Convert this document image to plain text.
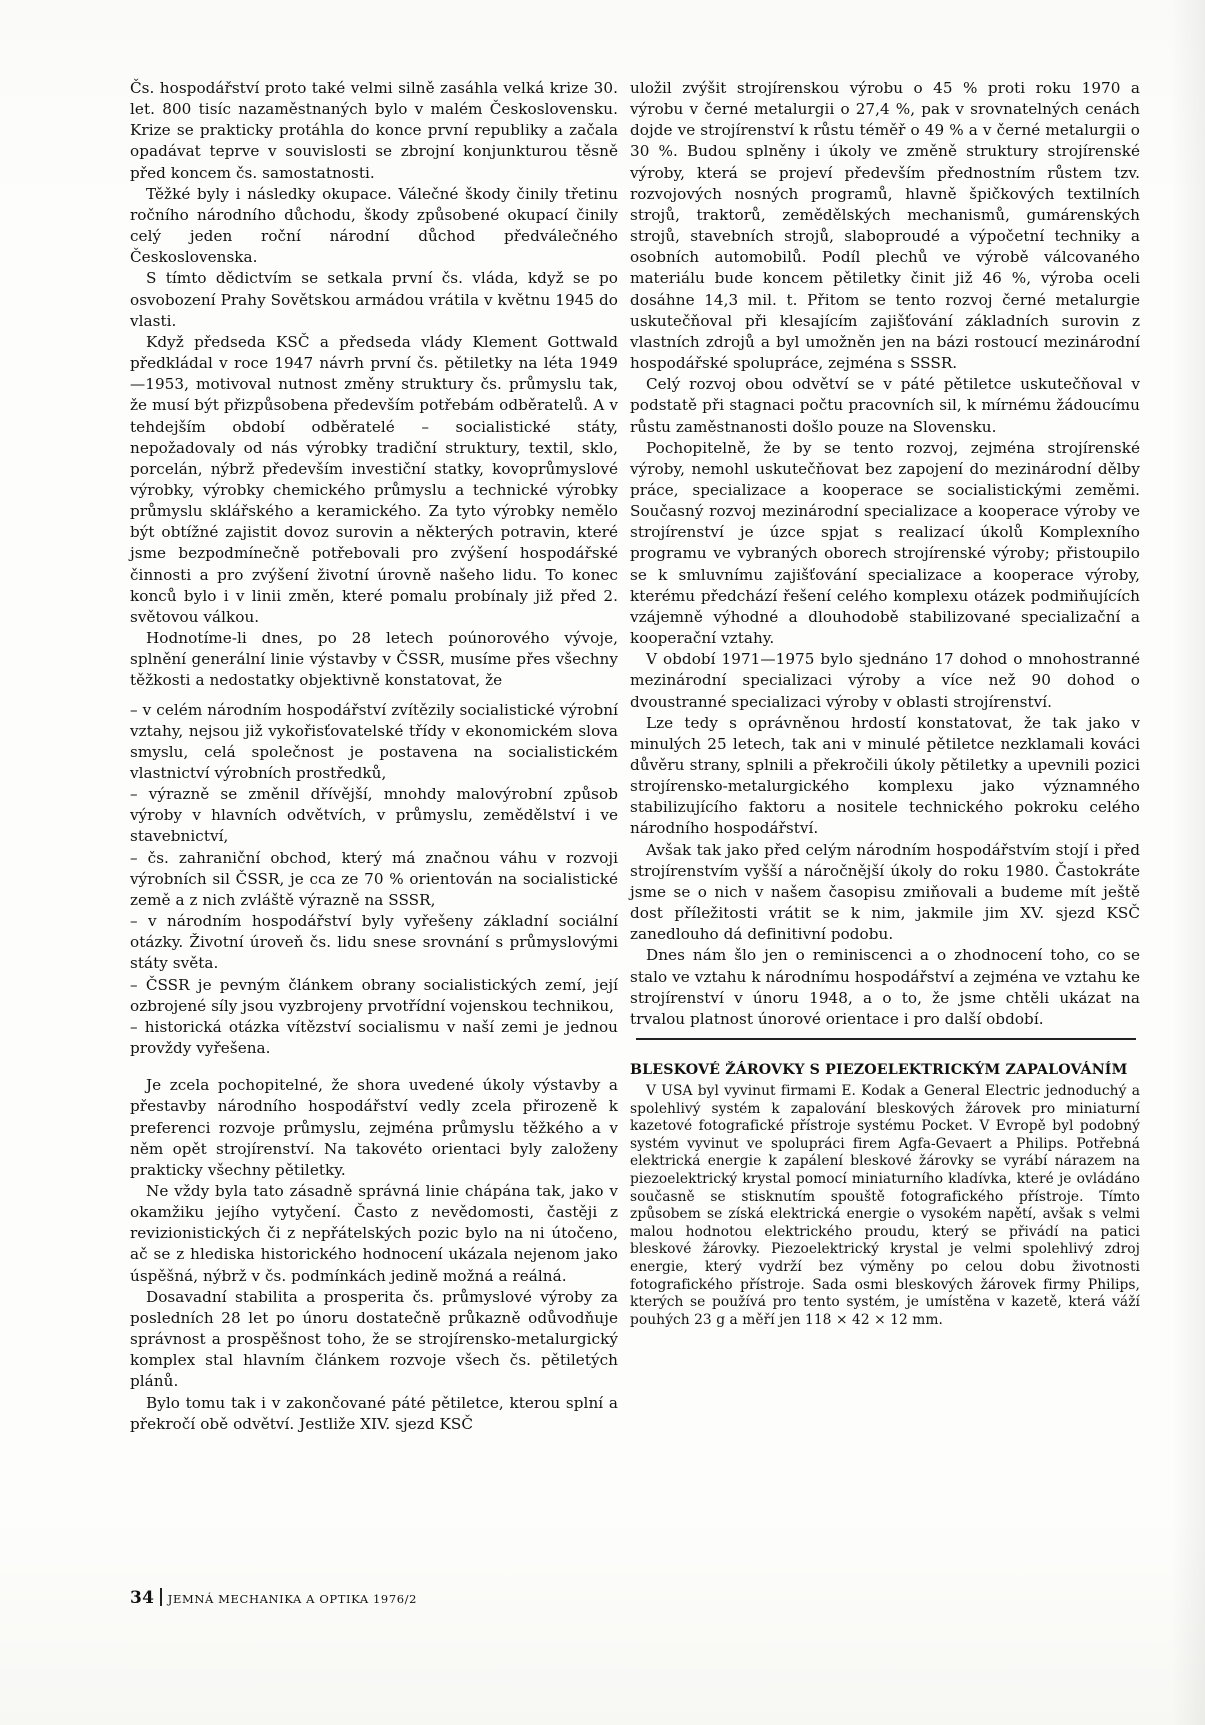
Čs. hospodářství proto také velmi silně zasáhla velká krize 30. let. 800 tisíc nazaměstnaných bylo v malém Československu. Krize se prakticky protáhla do konce první republiky a začala opadávat teprve v souvislosti se zbrojní konjunkturou těsně před koncem čs. samostatnosti.

Těžké byly i následky okupace. Válečné škody činily třetinu ročního národního důchodu, škody způsobené okupací činily celý jeden roční národní důchod předválečného Československa.

S tímto dědictvím se setkala první čs. vláda, když se po osvobození Prahy Sovětskou armádou vrátila v květnu 1945 do vlasti.

Když předseda KSČ a předseda vlády Klement Gottwald předkládal v roce 1947 návrh první čs. pětiletky na léta 1949—1953, motivoval nutnost změny struktury čs. průmyslu tak, že musí být přizpůsobena především potřebám odběratelů. A v tehdejším období odběratelé – socialistické státy, nepožadovaly od nás výrobky tradiční struktury, textil, sklo, porcelán, nýbrž především investiční statky, kovoprůmyslové výrobky, výrobky chemického průmyslu a technické výrobky průmyslu sklářského a keramického. Za tyto výrobky nemělo být obtížné zajistit dovoz surovin a některých potravin, které jsme bezpodmínečně potřebovali pro zvýšení hospodářské činnosti a pro zvýšení životní úrovně našeho lidu. To konec konců bylo i v linii změn, které pomalu probínaly již před 2. světovou válkou.

Hodnotíme-li dnes, po 28 letech poúnorového vývoje, splnění generální linie výstavby v ČSSR, musíme přes všechny těžkosti a nedostatky objektivně konstatovat, že

– v celém národním hospodářství zvítězily socialistické výrobní vztahy, nejsou již vykořisťovatelské třídy v ekonomickém slova smyslu, celá společnost je postavena na socialistickém vlastnictví výrobních prostředků,

– výrazně se změnil dřívější, mnohdy malovýrobní způsob výroby v hlavních odvětvích, v průmyslu, zemědělství i ve stavebnictví,

– čs. zahraniční obchod, který má značnou váhu v rozvoji výrobních sil ČSSR, je cca ze 70 % orientován na socialistické země a z nich zvláště výrazně na SSSR,

– v národním hospodářství byly vyřešeny základní sociální otázky. Životní úroveň čs. lidu snese srovnání s průmyslovými státy světa.

– ČSSR je pevným článkem obrany socialistických zemí, její ozbrojené síly jsou vyzbrojeny prvotřídní vojenskou technikou,

– historická otázka vítězství socialismu v naší zemi je jednou provždy vyřešena.

Je zcela pochopitelné, že shora uvedené úkoly výstavby a přestavby národního hospodářství vedly zcela přirozeně k preferenci rozvoje průmyslu, zejména průmyslu těžkého a v něm opět strojírenství. Na takovéto orientaci byly založeny prakticky všechny pětiletky.

Ne vždy byla tato zásadně správná linie chápána tak, jako v okamžiku jejího vytyčení. Často z nevědomosti, častěji z revizionistických či z nepřátelských pozic bylo na ni útočeno, ač se z hlediska historického hodnocení ukázala nejenom jako úspěšná, nýbrž v čs. podmínkách jedině možná a reálná.

Dosavadní stabilita a prosperita čs. průmyslové výroby za posledních 28 let po únoru dostatečně průkazně odůvodňuje správnost a prospěšnost toho, že se strojírensko-metalurgický komplex stal hlavním článkem rozvoje všech čs. pětiletých plánů.

Bylo tomu tak i v zakončované páté pětiletce, kterou splní a překročí obě odvětví. Jestliže XIV. sjezd KSČ

uložil zvýšit strojírenskou výrobu o 45 % proti roku 1970 a výrobu v černé metalurgii o 27,4 %, pak v srovnatelných cenách dojde ve strojírenství k růstu téměř o 49 % a v černé metalurgii o 30 %. Budou splněny i úkoly ve změně struktury strojírenské výroby, která se projeví především přednostním růstem tzv. rozvojových nosných programů, hlavně špičkových textilních strojů, traktorů, zemědělských mechanismů, gumárenských strojů, stavebních strojů, slaboproudé a výpočetní techniky a osobních automobilů. Podíl plechů ve výrobě válcovaného materiálu bude koncem pětiletky činit již 46 %, výroba oceli dosáhne 14,3 mil. t. Přitom se tento rozvoj černé metalurgie uskutečňoval při klesajícím zajišťování základních surovin z vlastních zdrojů a byl umožněn jen na bázi rostoucí mezinárodní hospodářské spolupráce, zejména s SSSR.

Celý rozvoj obou odvětví se v páté pětiletce uskutečňoval v podstatě při stagnaci počtu pracovních sil, k mírnému žádoucímu růstu zaměstnanosti došlo pouze na Slovensku.

Pochopitelně, že by se tento rozvoj, zejména strojírenské výroby, nemohl uskutečňovat bez zapojení do mezinárodní dělby práce, specializace a kooperace se socialistickými zeměmi. Současný rozvoj mezinárodní specializace a kooperace výroby ve strojírenství je úzce spjat s realizací úkolů Komplexního programu ve vybraných oborech strojírenské výroby; přistoupilo se k smluvnímu zajišťování specializace a kooperace výroby, kterému předchází řešení celého komplexu otázek podmiňujících vzájemně výhodné a dlouhodobě stabilizované specializační a kooperační vztahy.

V období 1971—1975 bylo sjednáno 17 dohod o mnohostranné mezinárodní specializaci výroby a více než 90 dohod o dvoustranné specializaci výroby v oblasti strojírenství.

Lze tedy s oprávněnou hrdostí konstatovat, že tak jako v minulých 25 letech, tak ani v minulé pětiletce nezklamali kováci důvěru strany, splnili a překročili úkoly pětiletky a upevnili pozici strojírensko-metalurgického komplexu jako významného stabilizujícího faktoru a nositele technického pokroku celého národního hospodářství.

Avšak tak jako před celým národním hospodářstvím stojí i před strojírenstvím vyšší a náročnější úkoly do roku 1980. Častokráte jsme se o nich v našem časopisu zmiňovali a budeme mít ještě dost příležitosti vrátit se k nim, jakmile jim XV. sjezd KSČ zanedlouho dá definitivní podobu.

Dnes nám šlo jen o reminiscenci a o zhodnocení toho, co se stalo ve vztahu k národnímu hospodářství a zejména ve vztahu ke strojírenství v únoru 1948, a o to, že jsme chtěli ukázat na trvalou platnost únorové orientace i pro další období.

BLESKOVÉ ŽÁROVKY S PIEZOELEKTRICKÝM ZAPALOVÁNÍM

V USA byl vyvinut firmami E. Kodak a General Electric jednoduchý a spolehlivý systém k zapalování bleskových žárovek pro miniaturní kazetové fotografické přístroje systému Pocket. V Evropě byl podobný systém vyvinut ve spolupráci firem Agfa-Gevaert a Philips. Potřebná elektrická energie k zapálení bleskové žárovky se vyrábí nárazem na piezoelektrický krystal pomocí miniaturního kladívka, které je ovládáno současně se stisknutím spouště fotografického přístroje. Tímto způsobem se získá elektrická energie o vysokém napětí, avšak s velmi malou hodnotou elektrického proudu, který se přivádí na patici bleskové žárovky. Piezoelektrický krystal je velmi spolehlivý zdroj energie, který vydrží bez výměny po celou dobu životnosti fotografického přístroje. Sada osmi bleskových žárovek firmy Philips, kterých se používá pro tento systém, je umístěna v kazetě, která váží pouhých 23 g a měří jen 118 × 42 × 12 mm.

34 JEMNÁ MECHANIKA A OPTIKA 1976/2
